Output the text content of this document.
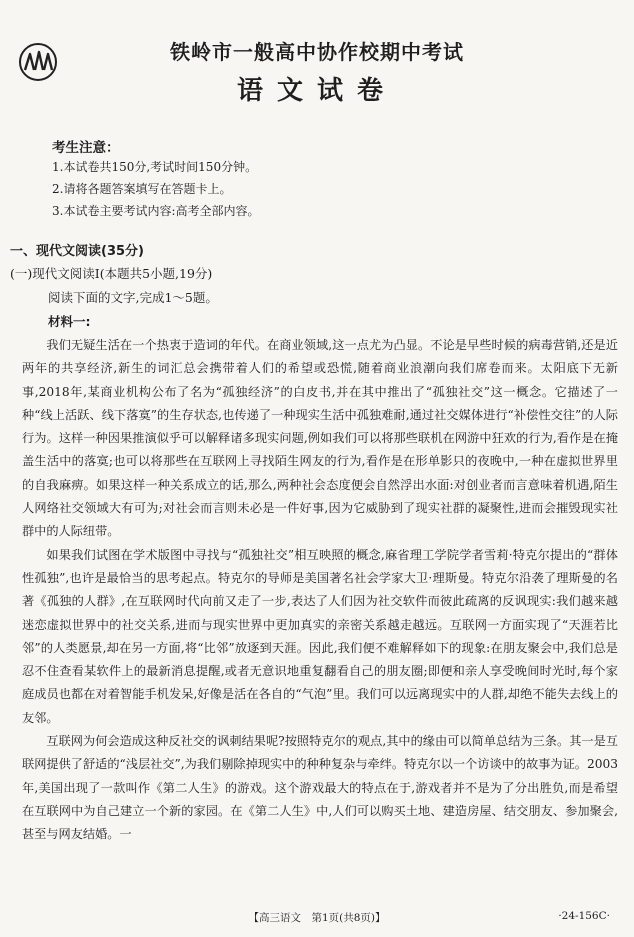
铁岭市一般高中协作校期中考试
语文试卷
考生注意：
1.本试卷共150分,考试时间150分钟。
2.请将各题答案填写在答题卡上。
3.本试卷主要考试内容:高考全部内容。
一、现代文阅读(35分)
(一)现代文阅读Ⅰ(本题共5小题,19分)
阅读下面的文字,完成1～5题。
材料一:

我们无疑生活在一个热衷于造词的年代。在商业领域,这一点尤为凸显。不论是早些时候的病毒营销,还是近两年的共享经济,新生的词汇总会携带着人们的希望或恐慌,随着商业浪潮向我们席卷而来。太阳底下无新事,2018年,某商业机构公布了名为“孤独经济”的白皮书,并在其中推出了“孤独社交”这一概念。它描述了一种“线上活跃、线下落寞”的生存状态,也传递了一种现实生活中孤独难耐,通过社交媒体进行“补偿性交往”的人际行为。这样一种因果推演似乎可以解释诸多现实问题,例如我们可以将那些联机在网游中狂欢的行为,看作是在掩盖生活中的落寞;也可以将那些在互联网上寻找陌生网友的行为,看作是在形单影只的夜晚中,一种在虚拟世界里的自我麻痹。如果这样一种关系成立的话,那么,两种社会态度便会自然浮出水面:对创业者而言意味着机遇,陌生人网络社交领域大有可为;对社会而言则未必是一件好事,因为它威胁到了现实社群的凝聚性,进而会摧毁现实社群中的人际纽带。

如果我们试图在学术版图中寻找与“孤独社交”相互映照的概念,麻省理工学院学者雪莉·特克尔提出的“群体性孤独”,也许是最恰当的思考起点。特克尔的导师是美国著名社会学家大卫·理斯曼。特克尔沿袭了理斯曼的名著《孤独的人群》,在互联网时代向前又走了一步,表达了人们因为社交软件而彼此疏离的反讽现实:我们越来越迷恋虚拟世界中的社交关系,进而与现实世界中更加真实的亲密关系越走越远。互联网一方面实现了“天涯若比邻”的人类愿景,却在另一方面,将“比邻”放逐到天涯。因此,我们便不难解释如下的现象:在朋友聚会中,我们总是忍不住查看某软件上的最新消息提醒,或者无意识地重复翻看自己的朋友圈;即便和亲人享受晚间时光时,每个家庭成员也都在对着智能手机发呆,好像是活在各自的“气泡”里。我们可以远离现实中的人群,却绝不能失去线上的友邻。

互联网为何会造成这种反社交的讽刺结果呢?按照特克尔的观点,其中的缘由可以简单总结为三条。其一是互联网提供了舒适的“浅层社交”,为我们剔除掉现实中的种种复杂与牵绊。特克尔以一个访谈中的故事为证。2003年,美国出现了一款叫作《第二人生》的游戏。这个游戏最大的特点在于,游戏者并不是为了分出胜负,而是希望在互联网中为自己建立一个新的家园。在《第二人生》中,人们可以购买土地、建造房屋、结交朋友、参加聚会,甚至与网友结婚。一

【高三语文　第1页(共8页)】	·24-156C·
